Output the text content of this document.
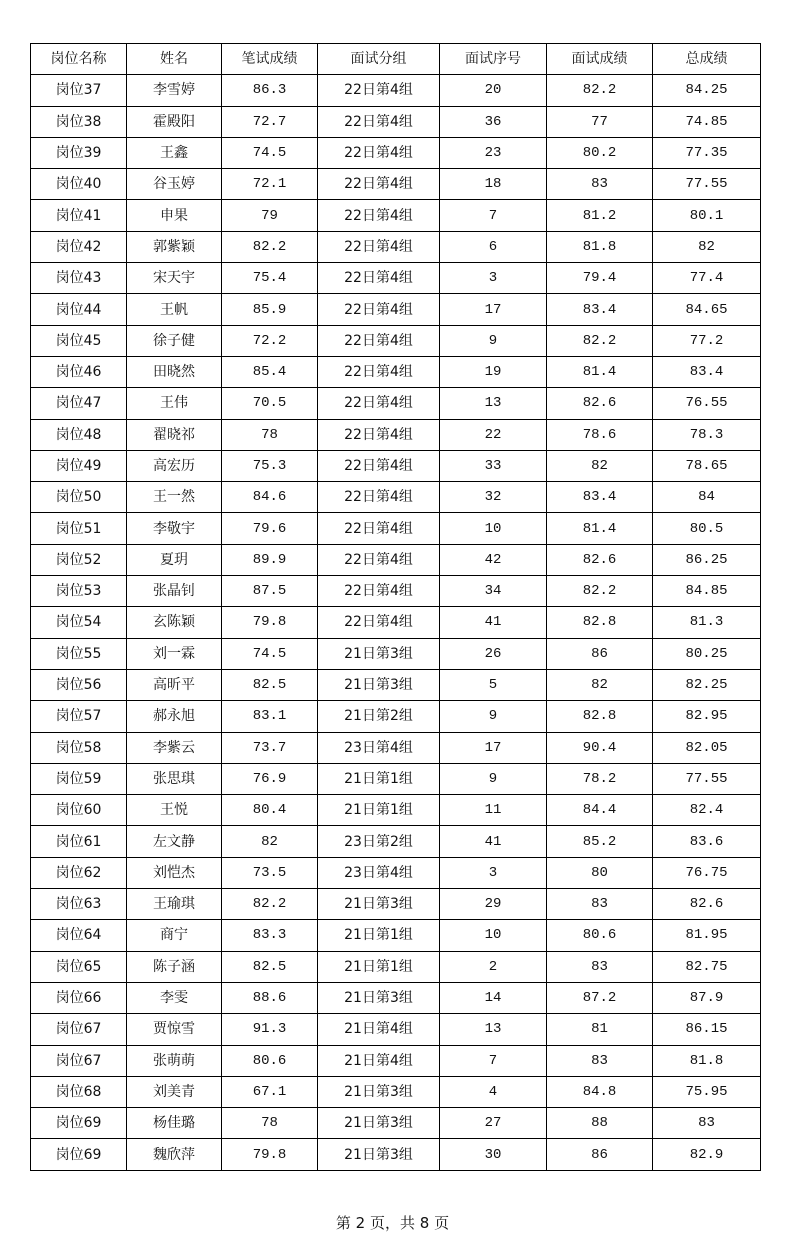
岗位名称	姓名	笔试成绩	面试分组	面试序号	面试成绩	总成绩
岗位37	李雪婷	86.3	22日第4组	20	82.2	84.25
岗位38	霍殿阳	72.7	22日第4组	36	77	74.85
岗位39	王鑫	74.5	22日第4组	23	80.2	77.35
岗位40	谷玉婷	72.1	22日第4组	18	83	77.55
岗位41	申果	79	22日第4组	7	81.2	80.1
岗位42	郭紫颖	82.2	22日第4组	6	81.8	82
岗位43	宋天宇	75.4	22日第4组	3	79.4	77.4
岗位44	王帆	85.9	22日第4组	17	83.4	84.65
岗位45	徐子健	72.2	22日第4组	9	82.2	77.2
岗位46	田晓然	85.4	22日第4组	19	81.4	83.4
岗位47	王伟	70.5	22日第4组	13	82.6	76.55
岗位48	翟晓祁	78	22日第4组	22	78.6	78.3
岗位49	高宏历	75.3	22日第4组	33	82	78.65
岗位50	王一然	84.6	22日第4组	32	83.4	84
岗位51	李敬宇	79.6	22日第4组	10	81.4	80.5
岗位52	夏玥	89.9	22日第4组	42	82.6	86.25
岗位53	张晶钊	87.5	22日第4组	34	82.2	84.85
岗位54	玄陈颖	79.8	22日第4组	41	82.8	81.3
岗位55	刘一霖	74.5	21日第3组	26	86	80.25
岗位56	高昕平	82.5	21日第3组	5	82	82.25
岗位57	郝永旭	83.1	21日第2组	9	82.8	82.95
岗位58	李紫云	73.7	23日第4组	17	90.4	82.05
岗位59	张思琪	76.9	21日第1组	9	78.2	77.55
岗位60	王悦	80.4	21日第1组	11	84.4	82.4
岗位61	左文静	82	23日第2组	41	85.2	83.6
岗位62	刘恺杰	73.5	23日第4组	3	80	76.75
岗位63	王瑜琪	82.2	21日第3组	29	83	82.6
岗位64	商宁	83.3	21日第1组	10	80.6	81.95
岗位65	陈子涵	82.5	21日第1组	2	83	82.75
岗位66	李雯	88.6	21日第3组	14	87.2	87.9
岗位67	贾惊雪	91.3	21日第4组	13	81	86.15
岗位67	张萌萌	80.6	21日第4组	7	83	81.8
岗位68	刘美青	67.1	21日第3组	4	84.8	75.95
岗位69	杨佳璐	78	21日第3组	27	88	83
岗位69	魏欣萍	79.8	21日第3组	30	86	82.9
第 2 页，共 8 页
